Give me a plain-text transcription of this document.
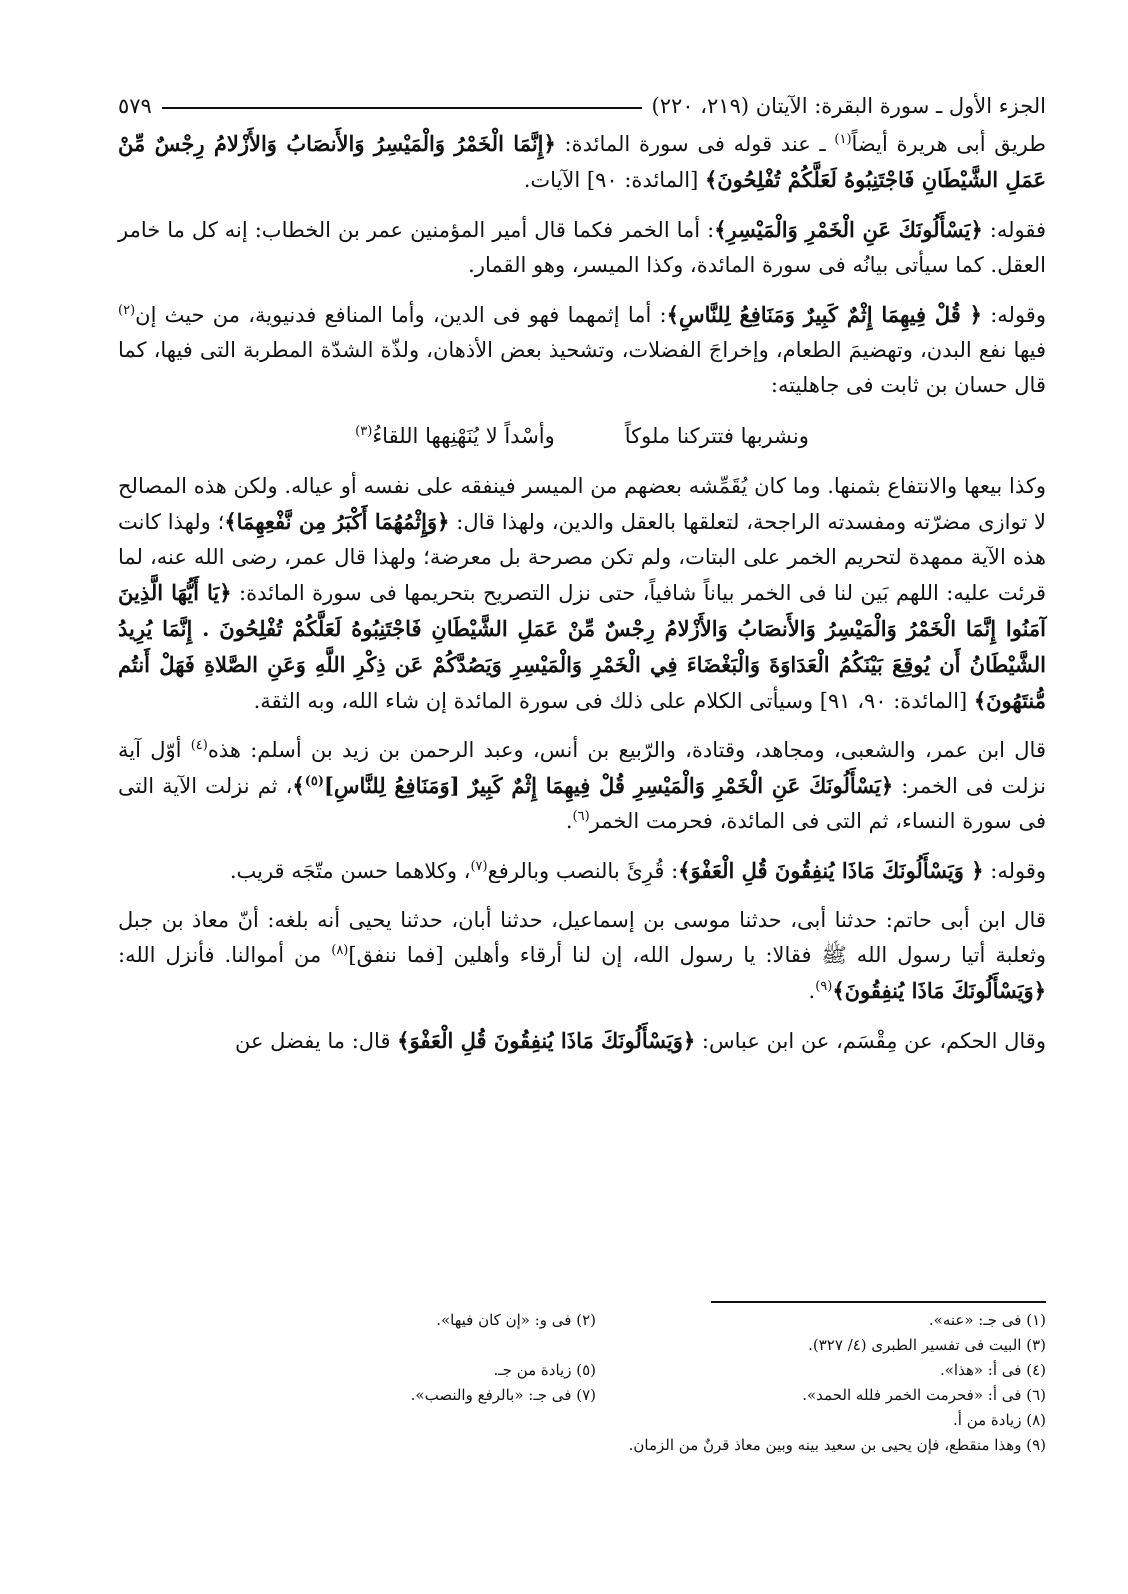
الجزء الأول ـ سورة البقرة: الآيتان (٢١٩، ٢٢٠)
٥٧٩

طريق أبى هريرة أيضاً$^{(١)}$ ـ عند قوله فى سورة المائدة: ﴿إِنَّمَا الْخَمْرُ وَالْمَيْسِرُ وَالأَنصَابُ وَالأَزْلامُ رِجْسٌ مِّنْ عَمَلِ الشَّيْطَانِ فَاجْتَنِبُوهُ لَعَلَّكُمْ تُفْلِحُونَ﴾ [المائدة: ٩٠] الآيات.

فقوله: ﴿يَسْأَلُونَكَ عَنِ الْخَمْرِ وَالْمَيْسِرِ﴾: أما الخمر فكما قال أمير المؤمنين عمر بن الخطاب: إنه كل ما خامر العقل. كما سيأتى بيانُه فى سورة المائدة، وكذا الميسر، وهو القمار.

وقوله: ﴿ قُلْ فِيهِمَا إِثْمٌ كَبِيرٌ وَمَنَافِعُ لِلنَّاسِ﴾: أما إثمهما فهو فى الدين، وأما المنافع فدنيوية، من حيث إن$^{(٢)}$ فيها نفع البدن، وتهضيمَ الطعام، وإخراجَ الفضلات، وتشحيذ بعض الأذهان، ولذّة الشدّة المطربة التى فيها، كما قال حسان بن ثابت فى جاهليته:

ونشربها فتتركنا ملوكاً
وأسْداً لا يُنَهْنِهها اللقاءُ$^{(٣)}$

وكذا بيعها والانتفاع بثمنها. وما كان يُقَمِّشه بعضهم من الميسر فينفقه على نفسه أو عياله. ولكن هذه المصالح لا توازى مضرّته ومفسدته الراجحة، لتعلقها بالعقل والدين، ولهذا قال: ﴿وَإِثْمُهُمَا أَكْبَرُ مِن نَّفْعِهِمَا﴾؛ ولهذا كانت هذه الآية ممهدة لتحريم الخمر على البتات، ولم تكن مصرحة بل معرضة؛ ولهذا قال عمر، رضى الله عنه، لما قرئت عليه: اللهم بَين لنا فى الخمر بياناً شافياً، حتى نزل التصريح بتحريمها فى سورة المائدة: ﴿يَا أَيُّهَا الَّذِينَ آمَنُوا إِنَّمَا الْخَمْرُ وَالْمَيْسِرُ وَالأَنصَابُ وَالأَزْلامُ رِجْسٌ مِّنْ عَمَلِ الشَّيْطَانِ فَاجْتَنِبُوهُ لَعَلَّكُمْ تُفْلِحُونَ . إِنَّمَا يُرِيدُ الشَّيْطَانُ أَن يُوقِعَ بَيْنَكُمُ الْعَدَاوَةَ وَالْبَغْضَاءَ فِي الْخَمْرِ وَالْمَيْسِرِ وَيَصُدَّكُمْ عَن ذِكْرِ اللَّهِ وَعَنِ الصَّلاةِ فَهَلْ أَنتُم مُّنتَهُونَ﴾ [المائدة: ٩٠، ٩١] وسيأتى الكلام على ذلك فى سورة المائدة إن شاء الله، وبه الثقة.

قال ابن عمر، والشعبى، ومجاهد، وقتادة، والرّبيع بن أنس، وعبد الرحمن بن زيد بن أسلم: هذه$^{(٤)}$ أوّل آية نزلت فى الخمر: ﴿يَسْأَلُونَكَ عَنِ الْخَمْرِ وَالْمَيْسِرِ قُلْ فِيهِمَا إِثْمٌ كَبِيرٌ [وَمَنَافِعُ لِلنَّاسِ]$^{(٥)}$﴾، ثم نزلت الآية التى فى سورة النساء، ثم التى فى المائدة، فحرمت الخمر$^{(٦)}$.

وقوله: ﴿ وَيَسْأَلُونَكَ مَاذَا يُنفِقُونَ قُلِ الْعَفْوَ﴾: قُرِئَ بالنصب وبالرفع$^{(٧)}$، وكلاهما حسن متّجَه قريب.

قال ابن أبى حاتم: حدثنا أبى، حدثنا موسى بن إسماعيل، حدثنا أبان، حدثنا يحيى أنه بلغه: أنّ معاذ بن جبل وثعلبة أتيا رسول الله ﷺ فقالا: يا رسول الله، إن لنا أرقاء وأهلين [فما ننفق]$^{(٨)}$ من أموالنا. فأنزل الله: ﴿وَيَسْأَلُونَكَ مَاذَا يُنفِقُونَ﴾$^{(٩)}$.

وقال الحكم، عن مِقْسَم، عن ابن عباس: ﴿وَيَسْأَلُونَكَ مَاذَا يُنفِقُونَ قُلِ الْعَفْوَ﴾ قال: ما يفضل عن

(١) فى جـ: «عنه».
(٢) فى و: «إن كان فيها».
(٣) البيت فى تفسير الطبرى (٤/ ٣٢٧).
(٤) فى أ: «هذا».
(٥) زيادة من جـ.
(٦) فى أ: «فحرمت الخمر فلله الحمد».
(٧) فى جـ: «بالرفع والنصب».
(٨) زيادة من أ.
(٩) وهذا منقطع، فإن يحيى بن سعيد بينه وبين معاذ قرنٌ من الزمان.
